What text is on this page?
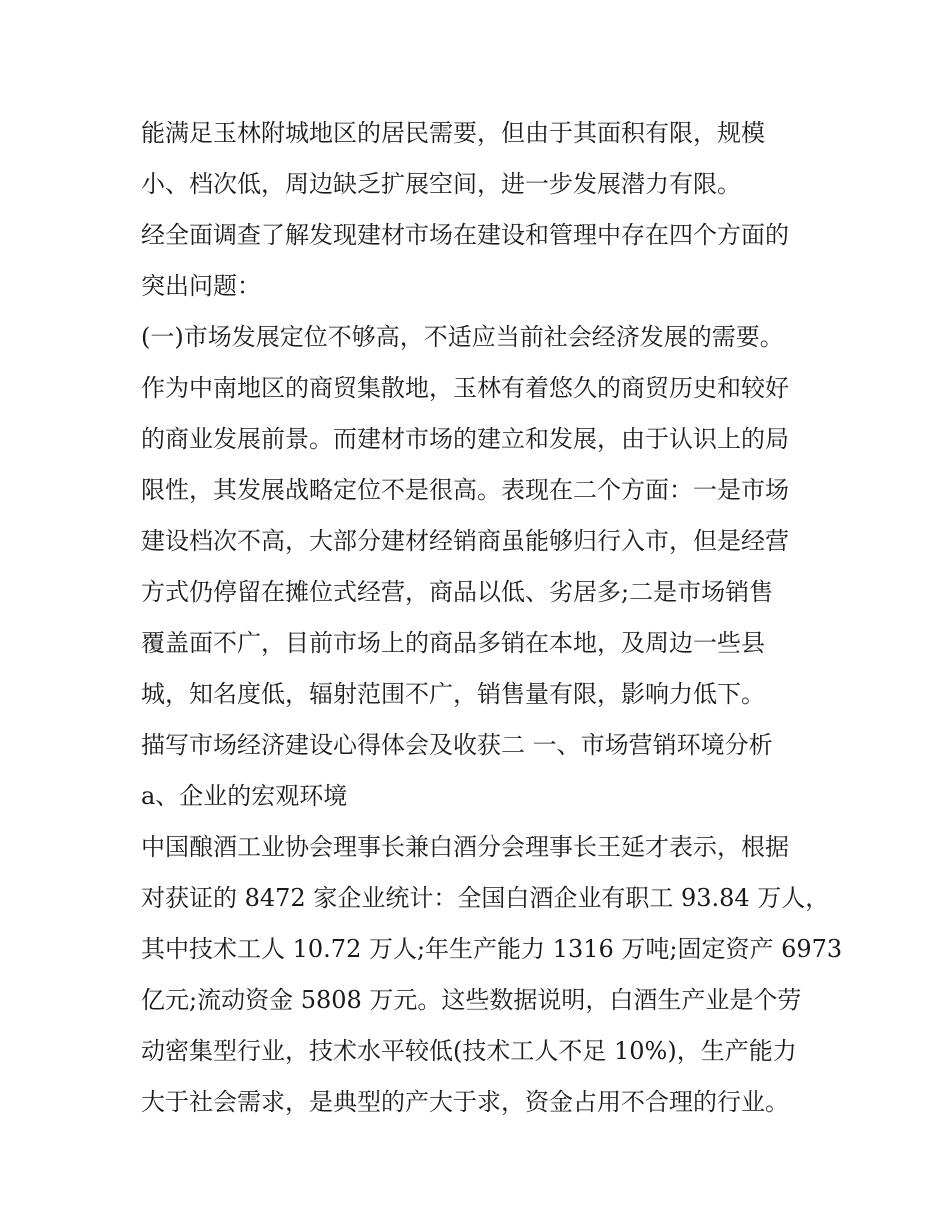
能满足玉林附城地区的居民需要，但由于其面积有限，规模
小、档次低，周边缺乏扩展空间，进一步发展潜力有限。
经全面调查了解发现建材市场在建设和管理中存在四个方面的
突出问题：
(一)市场发展定位不够高，不适应当前社会经济发展的需要。
作为中南地区的商贸集散地，玉林有着悠久的商贸历史和较好
的商业发展前景。而建材市场的建立和发展，由于认识上的局
限性，其发展战略定位不是很高。表现在二个方面：一是市场
建设档次不高，大部分建材经销商虽能够归行入市，但是经营
方式仍停留在摊位式经营，商品以低、劣居多;二是市场销售
覆盖面不广，目前市场上的商品多销在本地，及周边一些县
城，知名度低，辐射范围不广，销售量有限，影响力低下。
描写市场经济建设心得体会及收获二 一、市场营销环境分析
a、企业的宏观环境
中国酿酒工业协会理事长兼白酒分会理事长王延才表示，根据
对获证的 8472 家企业统计：全国白酒企业有职工 93.84 万人，
其中技术工人 10.72 万人;年生产能力 1316 万吨;固定资产 6973
亿元;流动资金 5808 万元。这些数据说明，白酒生产业是个劳
动密集型行业，技术水平较低(技术工人不足 10%)，生产能力
大于社会需求，是典型的产大于求，资金占用不合理的行业。
